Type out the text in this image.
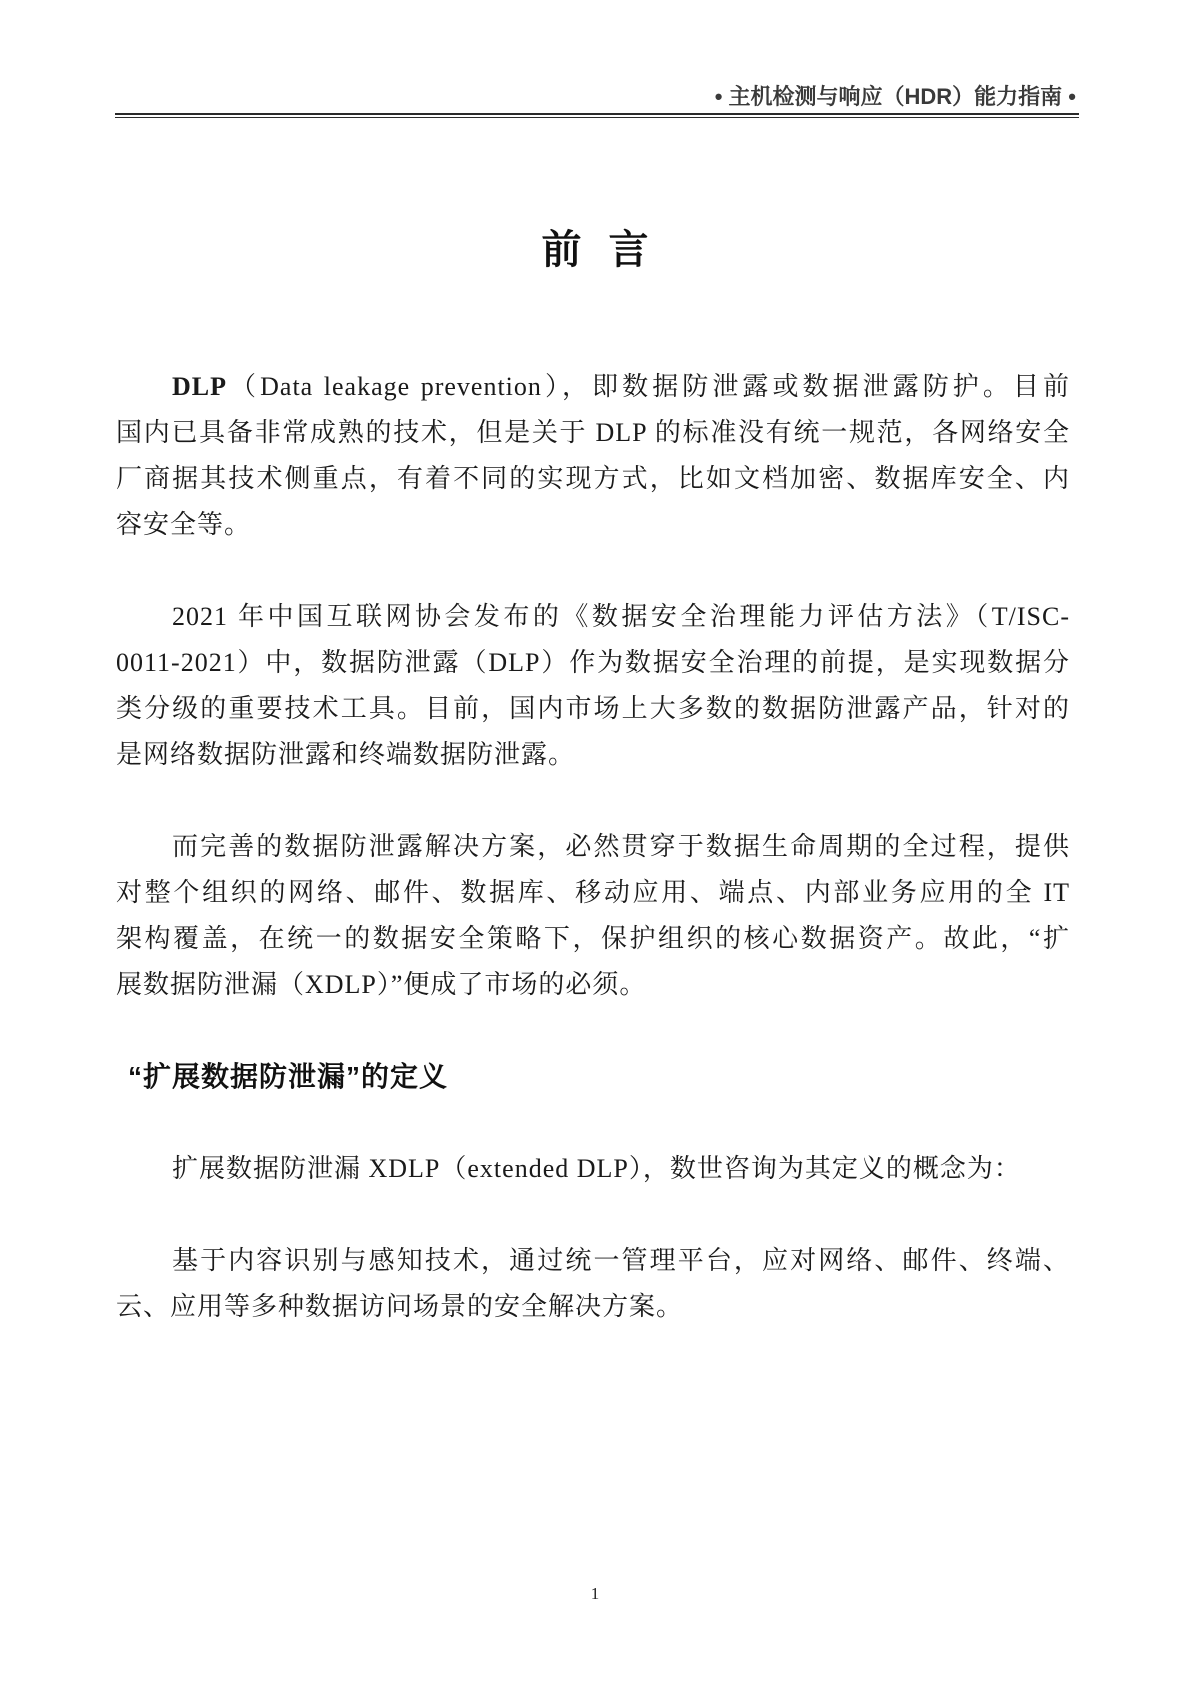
• 主机检测与响应（HDR）能力指南 •
前 言
DLP（Data leakage prevention），即数据防泄露或数据泄露防护。目前
国内已具备非常成熟的技术，但是关于 DLP 的标准没有统一规范，各网络安全
厂商据其技术侧重点，有着不同的实现方式，比如文档加密、数据库安全、内
容安全等。
2021 年中国互联网协会发布的《数据安全治理能力评估方法》（T/ISC-
0011-2021）中，数据防泄露（DLP）作为数据安全治理的前提，是实现数据分
类分级的重要技术工具。目前，国内市场上大多数的数据防泄露产品，针对的
是网络数据防泄露和终端数据防泄露。
而完善的数据防泄露解决方案，必然贯穿于数据生命周期的全过程，提供
对整个组织的网络、邮件、数据库、移动应用、端点、内部业务应用的全 IT
架构覆盖，在统一的数据安全策略下，保护组织的核心数据资产。故此，“扩
展数据防泄漏（XDLP）”便成了市场的必须。
“扩展数据防泄漏”的定义
扩展数据防泄漏 XDLP（extended DLP），数世咨询为其定义的概念为：
基于内容识别与感知技术，通过统一管理平台，应对网络、邮件、终端、
云、应用等多种数据访问场景的安全解决方案。
1
